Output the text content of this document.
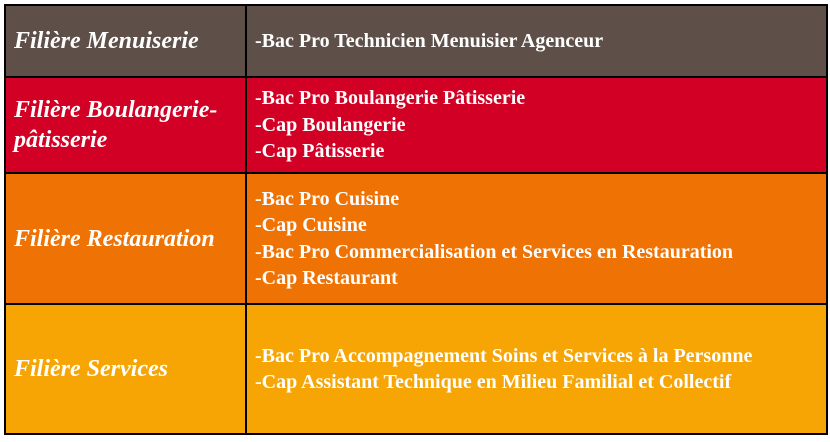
Filière Menuiserie	-Bac Pro Technicien Menuisier Agenceur

Filière Boulangerie-pâtisserie	-Bac Pro Boulangerie Pâtisserie
-Cap Boulangerie
-Cap Pâtisserie

Filière Restauration	-Bac Pro Cuisine
-Cap Cuisine
-Bac Pro Commercialisation et Services en Restauration
-Cap Restaurant

Filière Services	-Bac Pro Accompagnement Soins et Services à la Personne
-Cap Assistant Technique en Milieu Familial et Collectif
